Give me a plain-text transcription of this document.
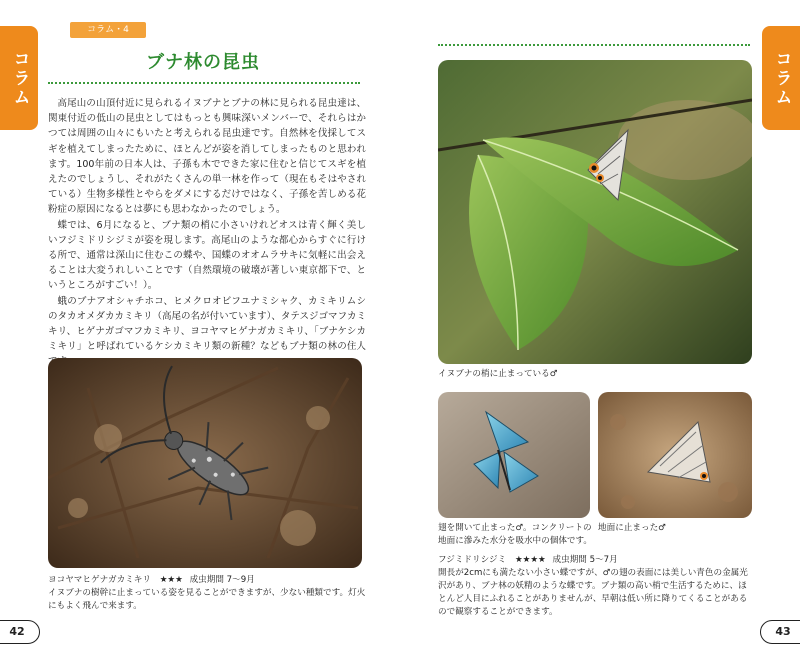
コラム
コラム・4
ブナ林の昆虫

高尾山の山頂付近に見られるイヌブナとブナの林に見られる昆虫達は、関東付近の低山の昆虫としてはもっとも興味深いメンバーで、それらはかつては周囲の山々にもいたと考えられる昆虫達です。自然林を伐採してスギを植えてしまったために、ほとんどが姿を消してしまったものと思われます。100年前の日本人は、子孫も木でできた家に住むと信じてスギを植えたのでしょうし、それがたくさんの単一林を作って（現在もそはやされている）生物多様性とやらをダメにするだけではなく、子孫を苦しめる花粉症の原因になるとは夢にも思わなかったのでしょう。

蝶では、6月になると、ブナ類の梢に小さいけれどオスは青く輝く美しいフジミドリシジミが姿を現します。高尾山のような都心からすぐに行ける所で、通常は深山に住むこの蝶や、国蝶のオオムラサキに気軽に出会えることは大変うれしいことです（自然環境の破壊が著しい東京都下で、というところがすごい！）。

蛾のブナアオシャチホコ、ヒメクロオビフユナミシャク、カミキリムシのタカオメダカカミキリ（高尾の名が付いています）、タテスジゴマフカミキリ、ヒゲナガゴマフカミキリ、ヨコヤマヒゲナガカミキリ、「ブナケシカミキリ」と呼ばれているケシカミキリ類の新種？などもブナ類の林の住人

ヨコヤマヒゲナガカミキリ ★★★ 成虫期間 7～9月
イヌブナの樹幹に止まっている姿を見ることができますが、少ない種類です。灯火にもよく飛んで来ます。
42
コラム
イヌブナの梢に止まっている♂
翅を開いて止まった♂。コンクリートの地面に滲みた水分を吸水中の個体です。
地面に止まった♂
フジミドリシジミ ★★★★ 成虫期間 5～7月
開長が2cmにも満たない小さい蝶ですが、♂の翅の表面には美しい青色の金属光沢があり、ブナ林の妖精のような蝶です。ブナ類の高い梢で生活するために、ほとんど人目にふれることがありませんが、早朝は低い所に降りてくることがあるので観察することができます。
43
